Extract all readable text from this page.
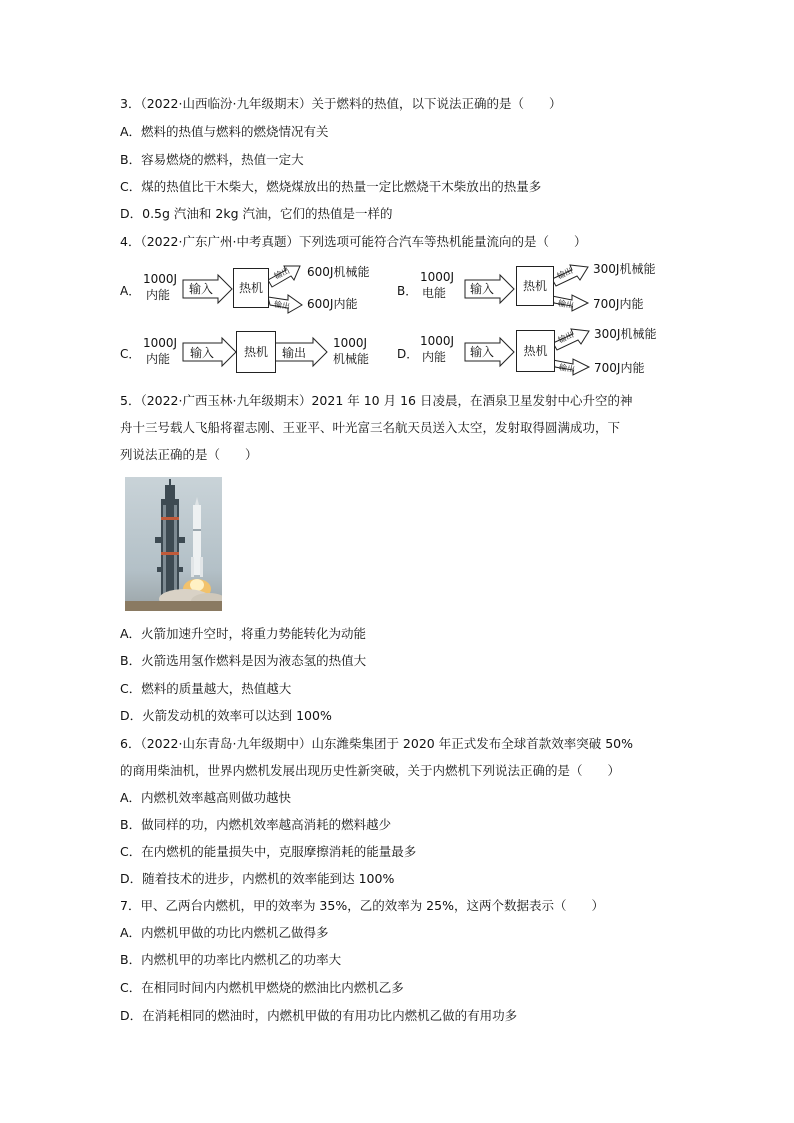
3．（2022·山西临汾·九年级期末）关于燃料的热值，以下说法正确的是（　　）
A．燃料的热值与燃料的燃烧情况有关
B．容易燃烧的燃料，热值一定大
C．煤的热值比干木柴大，燃烧煤放出的热量一定比燃烧干木柴放出的热量多
D．0.5g 汽油和 2kg 汽油，它们的热值是一样的
4．（2022·广东广州·中考真题）下列选项可能符合汽车等热机能量流向的是（　　）
A．
1000J
内能 输入	热机
输出
输出
600J机械能
600J内能
B．
1000J
电能 输入	热机
输出
输出
300J机械能
700J内能
C．
1000J
内能 输入	热机	输出
1000J
机械能 D．
1000J
内能 输入	热机
输出
输出
300J机械能
700J内能
5．（2022·广西玉林·九年级期末）2021 年 10 月 16 日凌晨，在酒泉卫星发射中心升空的神
舟十三号载人飞船将翟志刚、王亚平、叶光富三名航天员送入太空，发射取得圆满成功，下
列说法正确的是（　　）
A．火箭加速升空时，将重力势能转化为动能
B．火箭选用氢作燃料是因为液态氢的热值大
C．燃料的质量越大，热值越大
D．火箭发动机的效率可以达到 100%
6．（2022·山东青岛·九年级期中）山东潍柴集团于 2020 年正式发布全球首款效率突破 50%
的商用柴油机，世界内燃机发展出现历史性新突破，关于内燃机下列说法正确的是（　　）
A．内燃机效率越高则做功越快
B．做同样的功，内燃机效率越高消耗的燃料越少
C．在内燃机的能量损失中，克服摩擦消耗的能量最多
D．随着技术的进步，内燃机的效率能到达 100%
7．甲、乙两台内燃机，甲的效率为 35%，乙的效率为 25%，这两个数据表示（　　）
A．内燃机甲做的功比内燃机乙做得多
B．内燃机甲的功率比内燃机乙的功率大
C．在相同时间内内燃机甲燃烧的燃油比内燃机乙多
D．在消耗相同的燃油时，内燃机甲做的有用功比内燃机乙做的有用功多
